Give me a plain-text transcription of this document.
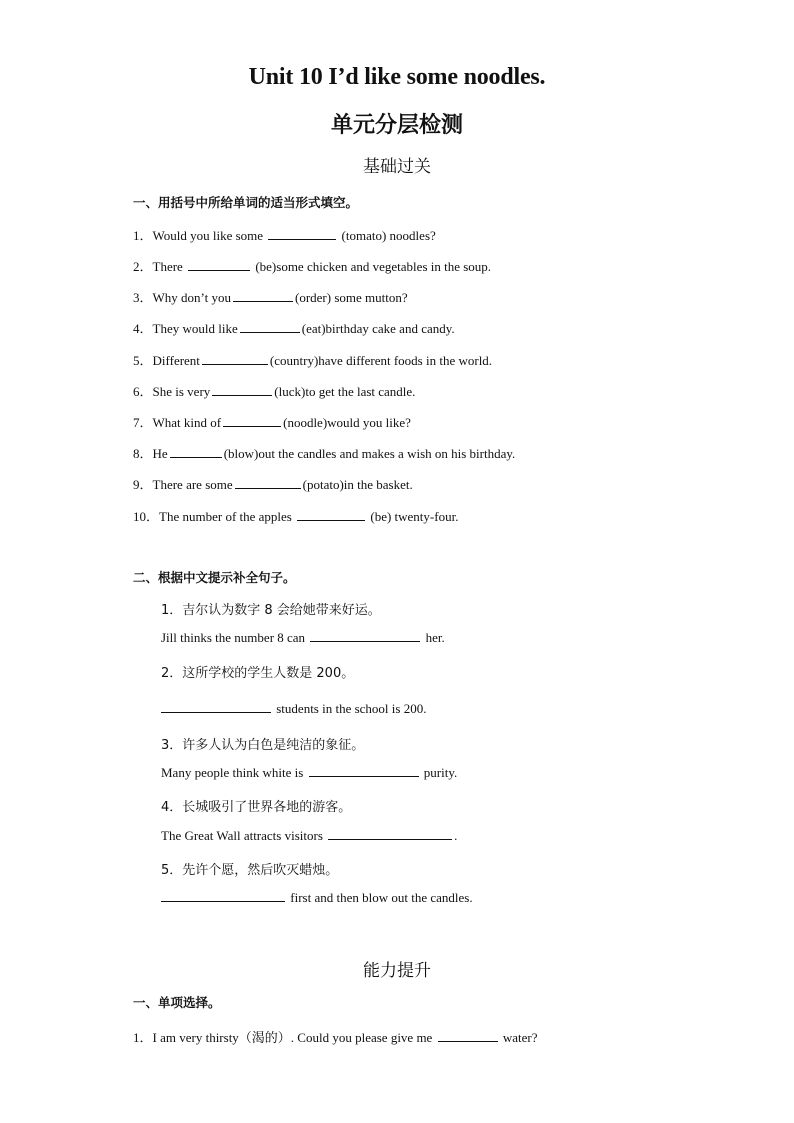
Unit 10 I’d like some noodles.
单元分层检测
基础过关
一、用括号中所给单词的适当形式填空。
1．Would you like some	(tomato) noodles?
2．There	(be)some chicken and vegetables in the soup.
3．Why don’t you	(order) some mutton?
4．They would like	(eat)birthday cake and candy.
5．Different	(country)have different foods in the world.
6．She is very	(luck)to get the last candle.
7．What kind of	(noodle)would you like?
8．He	(blow)out the candles and makes a wish on his birthday.
9．There are some	(potato)in the basket.
10．The number of the apples	(be) twenty-four.
二、根据中文提示补全句子。
1．吉尔认为数字 8 会给她带来好运。
Jill thinks the number 8 can	her.
2．这所学校的学生人数是 200。
students in the school is 200.
3．许多人认为白色是纯洁的象征。
Many people think white is	purity.
4．长城吸引了世界各地的游客。
The Great Wall attracts visitors	.
5．先许个愿，然后吹灭蜡烛。
first and then blow out the candles.
能力提升
一、单项选择。
1．I am very thirsty（渴的）. Could you please give me	water?
